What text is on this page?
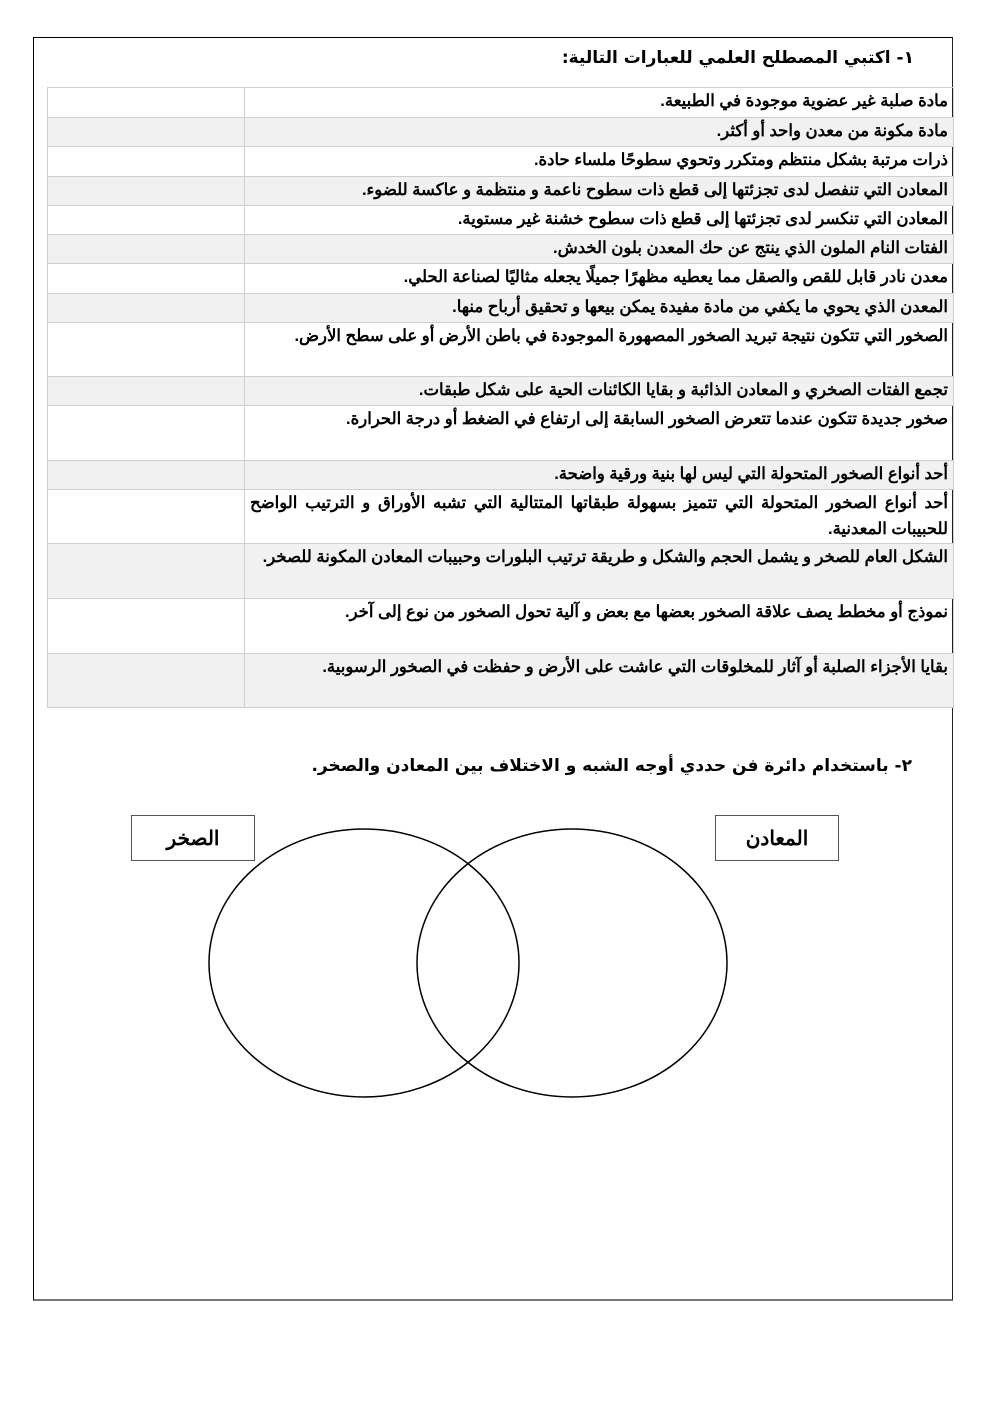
١- اكتبي المصطلح العلمي للعبارات التالية:
مادة صلبة غير عضوية موجودة في الطبيعة.	
مادة مكونة من معدن واحد أو أكثر.	
ذرات مرتبة بشكل منتظم ومتكرر وتحوي سطوحًا ملساء حادة.	
المعادن التي تنفصل لدى تجزئتها إلى قطع ذات سطوح ناعمة و منتظمة و عاكسة للضوء.	
المعادن التي تنكسر لدى تجزئتها إلى قطع ذات سطوح خشنة غير مستوية.	
الفتات النام الملون الذي ينتج عن حك المعدن بلون الخدش.	
معدن نادر قابل للقص والصقل مما يعطيه مظهرًا جميلًا يجعله مثاليًا لصناعة الحلي.	
المعدن الذي يحوي ما يكفي من مادة مفيدة يمكن بيعها و تحقيق أرباح منها.	
الصخور التي تتكون نتيجة تبريد الصخور المصهورة الموجودة في باطن الأرض أو على سطح الأرض.	
تجمع الفتات الصخري و المعادن الذائبة و بقايا الكائنات الحية على شكل طبقات.	
صخور جديدة تتكون عندما تتعرض الصخور السابقة إلى ارتفاع في الضغط أو درجة الحرارة.	
أحد أنواع الصخور المتحولة التي ليس لها بنية ورقية واضحة.	
أحد أنواع الصخور المتحولة التي تتميز بسهولة طبقاتها المتتالية التي تشبه الأوراق و الترتيب الواضح للحبيبات المعدنية.	
الشكل العام للصخر و يشمل الحجم والشكل و طريقة ترتيب البلورات وحبيبات المعادن المكونة للصخر.	
نموذج أو مخطط يصف علاقة الصخور بعضها مع بعض و آلية تحول الصخور من نوع إلى آخر.	
بقايا الأجزاء الصلبة أو آثار للمخلوقات التي عاشت على الأرض و حفظت في الصخور الرسوبية.	
٢- باستخدام دائرة فن حددي أوجه الشبه و الاختلاف بين المعادن والصخر.
الصخر	المعادن
